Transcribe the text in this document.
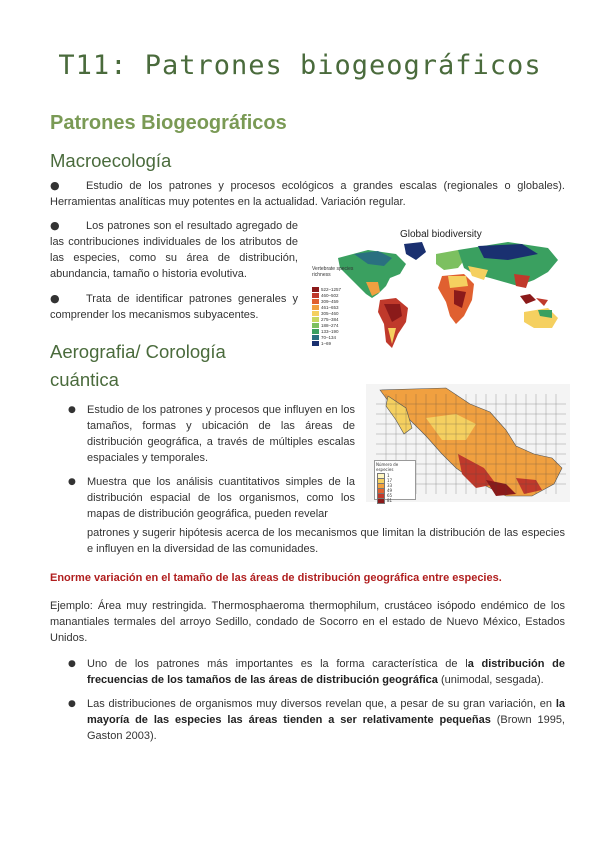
T11: Patrones biogeográficos
Patrones Biogeográficos
Macroecología
●	Estudio de los patrones y procesos ecológicos a grandes escalas (regionales o globales). Herramientas analíticas muy potentes en la actualidad. Variación regular.
●	Los patrones son el resultado agregado de las contribuciones individuales de los atributos de las especies, como su área de distribución, abundancia, tamaño o historia evolutiva.
●	Trata de identificar patrones generales y comprender los mecanismos subyacentes.
Global biodiversity
Vertebrate species richness
522–1257
460–502
309–459
461–653
305–460
275–384
188–274
133–190
70–134
1–69
Aerografia/ Corología
cuántica
Número de especies
1
17
33
49
65
81
● Estudio de los patrones y procesos que influyen en los tamaños, formas y ubicación de las áreas de distribución geográfica, a través de múltiples escalas espaciales y temporales.
● Muestra que los análisis cuantitativos simples de la distribución espacial de los organismos, como los mapas de distribución geográfica, pueden revelar
patrones y sugerir hipótesis acerca de los mecanismos que limitan la distribución de las especies e influyen en la diversidad de las comunidades.
Enorme variación en el tamaño de las áreas de distribución geográfica entre especies.
Ejemplo: Área muy restringida. Thermosphaeroma thermophilum, crustáceo isópodo endémico de los manantiales termales del arroyo Sedillo, condado de Socorro en el estado de Nuevo México, Estados Unidos.
● Uno de los patrones más importantes es la forma característica de la distribución de frecuencias de los tamaños de las áreas de distribución geográfica (unimodal, sesgada).
● Las distribuciones de organismos muy diversos revelan que, a pesar de su gran variación, en la mayoría de las especies las áreas tienden a ser relativamente pequeñas (Brown 1995, Gaston 2003).
